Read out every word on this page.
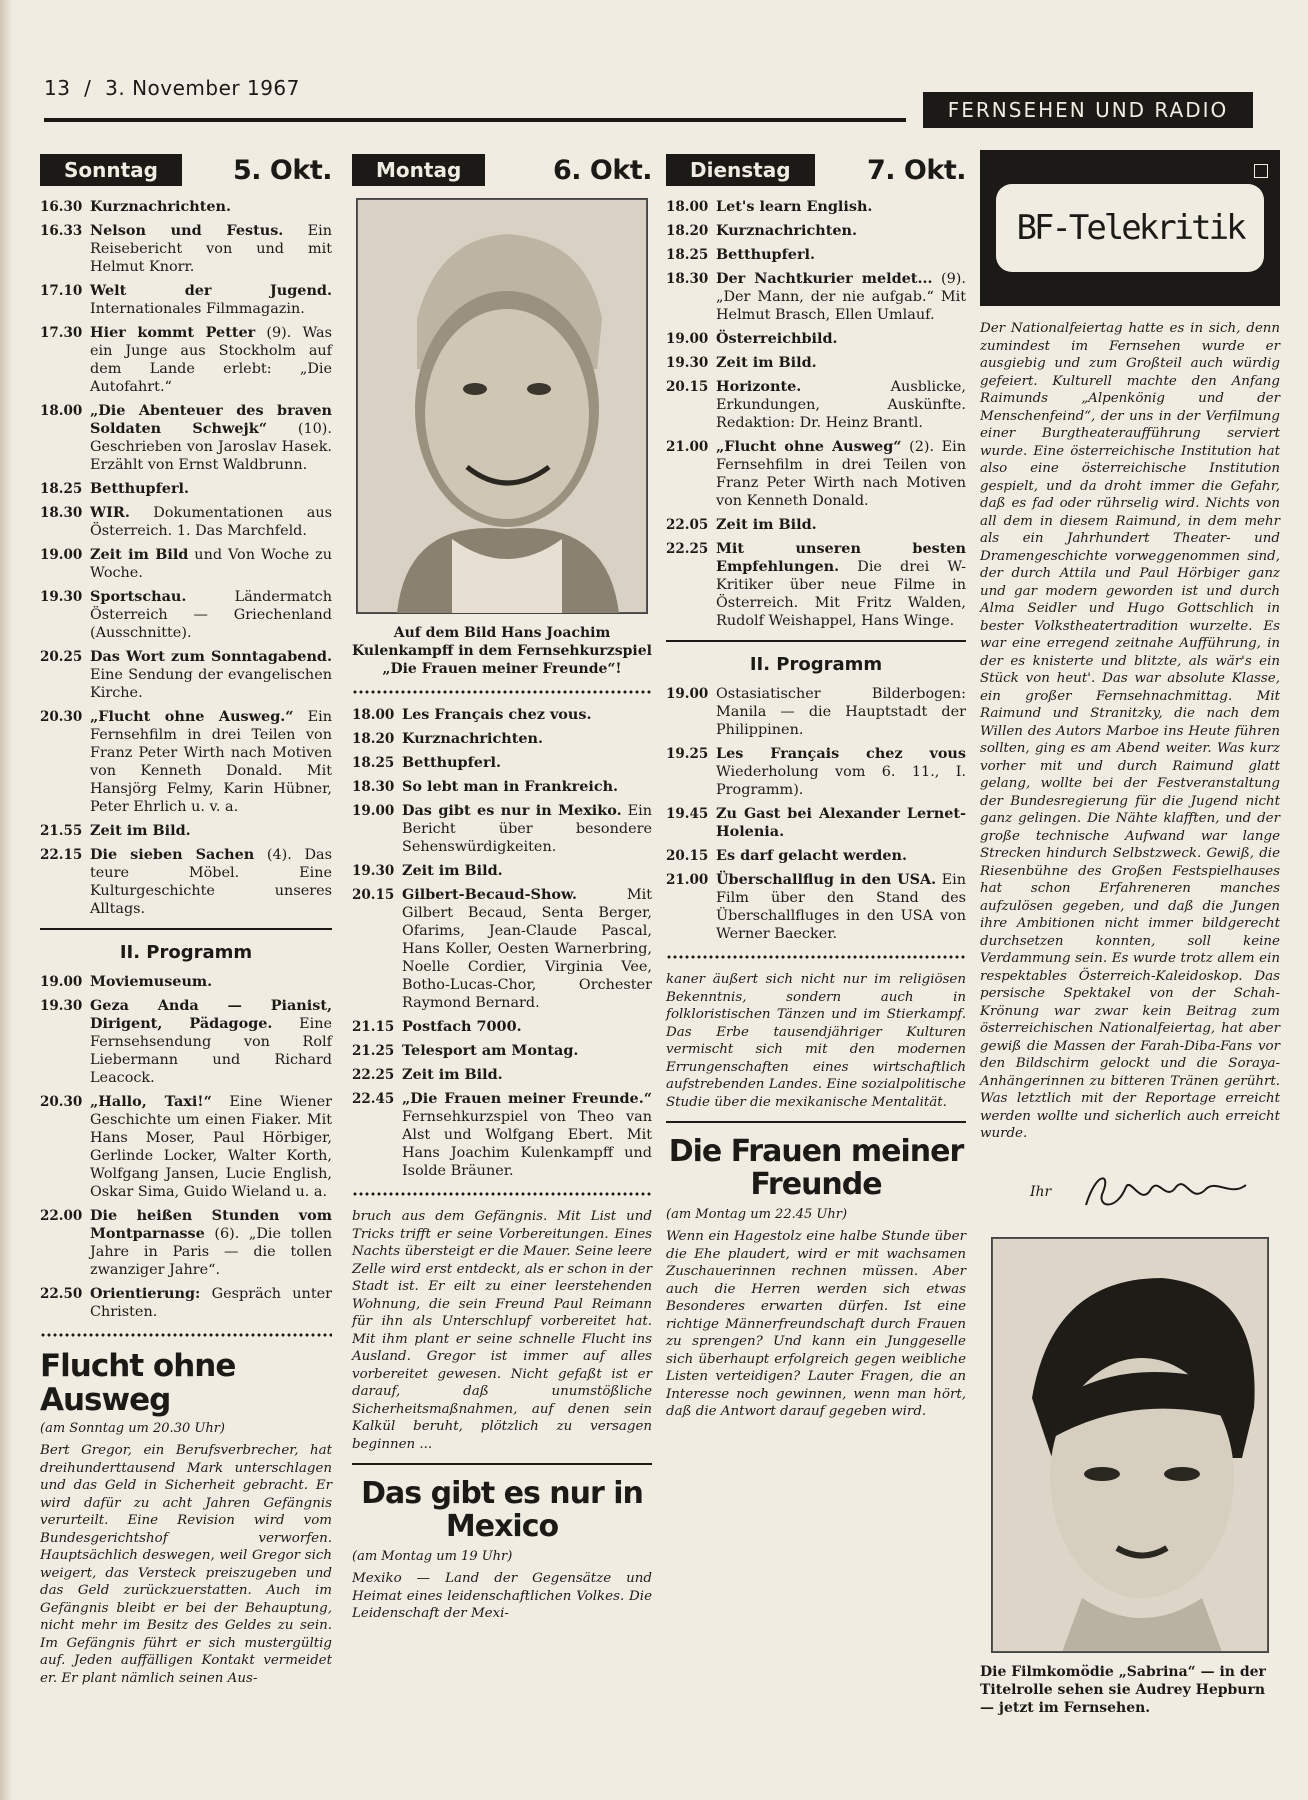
13 / 3. November 1967
FERNSEHEN UND RADIO
Sonntag	5. Okt.
16.30 Kurznachrichten.
16.33 Nelson und Festus. Ein Reisebericht von und mit Helmut Knorr.
17.10 Welt der Jugend. Internationales Filmmagazin.
17.30 Hier kommt Petter (9). Was ein Junge aus Stockholm auf dem Lande erlebt: „Die Autofahrt.“
18.00 „Die Abenteuer des braven Soldaten Schwejk“ (10). Geschrieben von Jaroslav Hasek. Erzählt von Ernst Waldbrunn.
18.25 Betthupferl.
18.30 WIR. Dokumentationen aus Österreich. 1. Das Marchfeld.
19.00 Zeit im Bild und Von Woche zu Woche.
19.30 Sportschau.	Ländermatch Österreich — Griechenland (Ausschnitte).
20.25 Das Wort zum Sonntagabend. Eine Sendung der evangelischen Kirche.
20.30 „Flucht ohne Ausweg.“ Ein Fernsehfilm in drei Teilen von Franz Peter Wirth nach Motiven von Kenneth Donald. Mit Hansjörg Felmy, Karin Hübner, Peter Ehrlich u. v. a.
21.55 Zeit im Bild.
22.15 Die sieben Sachen (4). Das teure Möbel. Eine Kulturgeschichte unseres Alltags.
II. Programm
19.00 Moviemuseum.
19.30 Geza Anda — Pianist, Dirigent, Pädagoge. Eine Fernsehsendung von Rolf Liebermann und Richard Leacock.
20.30 „Hallo, Taxi!“ Eine Wiener Geschichte um einen Fiaker. Mit Hans Moser, Paul Hörbiger, Gerlinde Locker, Walter Korth, Wolfgang Jansen, Lucie English, Oskar Sima, Guido Wieland u. a.
22.00 Die heißen Stunden vom Montparnasse (6). „Die tollen Jahre in Paris — die tollen zwanziger Jahre“.
22.50 Orientierung: Gespräch unter Christen.
Flucht ohne Ausweg
(am Sonntag um 20.30 Uhr)

Bert Gregor, ein Berufsverbrecher, hat dreihunderttausend Mark unterschlagen und das Geld in Sicherheit gebracht. Er wird dafür zu acht Jahren Gefängnis verurteilt. Eine Revision wird vom Bundesgerichtshof verworfen. Hauptsächlich deswegen, weil Gregor sich weigert, das Versteck preiszugeben und das Geld zurückzuerstatten. Auch im Gefängnis bleibt er bei der Behauptung, nicht mehr im Besitz des Geldes zu sein. Im Gefängnis führt er sich mustergültig auf. Jeden auffälligen Kontakt vermeidet er. Er plant nämlich seinen Aus-

Montag	6. Okt.
Auf dem Bild Hans Joachim Kulenkampff in dem Fernsehkurzspiel „Die Frauen meiner Freunde“!
18.00 Les Français chez vous.
18.20 Kurznachrichten.
18.25 Betthupferl.
18.30 So lebt man in Frankreich.
19.00 Das gibt es nur in Mexiko. Ein Bericht über besondere Sehenswürdigkeiten.
19.30 Zeit im Bild.
20.15 Gilbert-Becaud-Show.	Mit Gilbert Becaud, Senta Berger, Ofarims, Jean-Claude Pascal, Hans Koller, Oesten Warnerbring, Noelle Cordier, Virginia Vee, Botho-Lucas-Chor, Orchester Raymond Bernard.
21.15 Postfach 7000.
21.25 Telesport am Montag.
22.25 Zeit im Bild.
22.45 „Die Frauen meiner Freunde.“ Fernsehkurzspiel von Theo van Alst und Wolfgang Ebert. Mit Hans Joachim Kulenkampff und Isolde Bräuner.

bruch aus dem Gefängnis. Mit List und Tricks trifft er seine Vorbereitungen. Eines Nachts übersteigt er die Mauer. Seine leere Zelle wird erst entdeckt, als er schon in der Stadt ist. Er eilt zu einer leerstehenden Wohnung, die sein Freund Paul Reimann für ihn als Unterschlupf vorbereitet hat. Mit ihm plant er seine schnelle Flucht ins Ausland. Gregor ist immer auf alles vorbereitet gewesen. Nicht gefaßt ist er darauf, daß unumstößliche Sicherheitsmaßnahmen, auf denen sein Kalkül beruht, plötzlich zu versagen beginnen ...

Das gibt es nur in Mexico
(am Montag um 19 Uhr)

Mexiko — Land der Gegensätze und Heimat eines leidenschaftlichen Volkes. Die Leidenschaft der Mexi-

Dienstag	7. Okt.
18.00 Let's learn English.
18.20 Kurznachrichten.
18.25 Betthupferl.
18.30 Der Nachtkurier meldet... (9). „Der Mann, der nie aufgab.“ Mit Helmut Brasch, Ellen Umlauf.
19.00 Österreichbild.
19.30 Zeit im Bild.
20.15 Horizonte.	Ausblicke, Erkundungen, Auskünfte. Redaktion: Dr. Heinz Brantl.
21.00 „Flucht ohne Ausweg“ (2). Ein Fernsehfilm in drei Teilen von Franz Peter Wirth nach Motiven von Kenneth Donald.
22.05 Zeit im Bild.
22.25 Mit unseren besten Empfehlungen. Die drei W-Kritiker über neue Filme in Österreich. Mit Fritz Walden, Rudolf Weishappel, Hans Winge.
II. Programm
19.00 Ostasiatischer Bilderbogen: Manila — die Hauptstadt der Philippinen.
19.25 Les Français chez vous Wiederholung vom 6. 11., I. Programm).
19.45 Zu Gast bei Alexander Lernet-Holenia.
20.15 Es darf gelacht werden.
21.00 Überschallflug in den USA. Ein Film über den Stand des Überschallfluges in den USA von Werner Baecker.

kaner äußert sich nicht nur im religiösen Bekenntnis, sondern auch in folkloristischen Tänzen und im Stierkampf. Das Erbe tausendjähriger Kulturen vermischt sich mit den modernen Errungenschaften eines wirtschaftlich aufstrebenden Landes. Eine sozialpolitische Studie über die mexikanische Mentalität.

Die Frauen meiner Freunde
(am Montag um 22.45 Uhr)

Wenn ein Hagestolz eine halbe Stunde über die Ehe plaudert, wird er mit wachsamen Zuschauerinnen rechnen müssen. Aber auch die Herren werden sich etwas Besonderes erwarten dürfen. Ist eine richtige Männerfreundschaft durch Frauen zu sprengen? Und kann ein Junggeselle sich überhaupt erfolgreich gegen weibliche Listen verteidigen? Lauter Fragen, die an Interesse noch gewinnen, wenn man hört, daß die Antwort darauf gegeben wird.

BF-Telekritik

Der Nationalfeiertag hatte es in sich, denn zumindest im Fernsehen wurde er ausgiebig und zum Großteil auch würdig gefeiert. Kulturell machte den Anfang Raimunds „Alpenkönig und der Menschenfeind“, der uns in der Verfilmung einer Burgtheateraufführung serviert wurde. Eine österreichische Institution hat also eine österreichische Institution gespielt, und da droht immer die Gefahr, daß es fad oder rührselig wird. Nichts von all dem in diesem Raimund, in dem mehr als ein Jahrhundert Theater- und Dramengeschichte vorweggenommen sind, der durch Attila und Paul Hörbiger ganz und gar modern geworden ist und durch Alma Seidler und Hugo Gottschlich in bester Volkstheatertradition wurzelte. Es war eine erregend zeitnahe Aufführung, in der es knisterte und blitzte, als wär's ein Stück von heut'. Das war absolute Klasse, ein großer Fernsehnachmittag. Mit Raimund und Stranitzky, die nach dem Willen des Autors Marboe ins Heute führen sollten, ging es am Abend weiter. Was kurz vorher mit und durch Raimund glatt gelang, wollte bei der Festveranstaltung der Bundesregierung für die Jugend nicht ganz gelingen. Die Nähte klafften, und der große technische Aufwand war lange Strecken hindurch Selbstzweck. Gewiß, die Riesenbühne des Großen Festspielhauses hat schon Erfahreneren manches aufzulösen gegeben, und daß die Jungen ihre Ambitionen nicht immer bildgerecht durchsetzen konnten, soll keine Verdammung sein. Es wurde trotz allem ein respektables Österreich-Kaleidoskop. Das persische Spektakel von der Schah-Krönung war zwar kein Beitrag zum österreichischen Nationalfeiertag, hat aber gewiß die Massen der Farah-Diba-Fans vor den Bildschirm gelockt und die Soraya-Anhängerinnen zu bitteren Tränen gerührt. Was letztlich mit der Reportage erreicht werden wollte und sicherlich auch erreicht wurde.

Ihr
Die Filmkomödie „Sabrina“ — in der Titelrolle sehen sie Audrey Hepburn — jetzt im Fernsehen.
